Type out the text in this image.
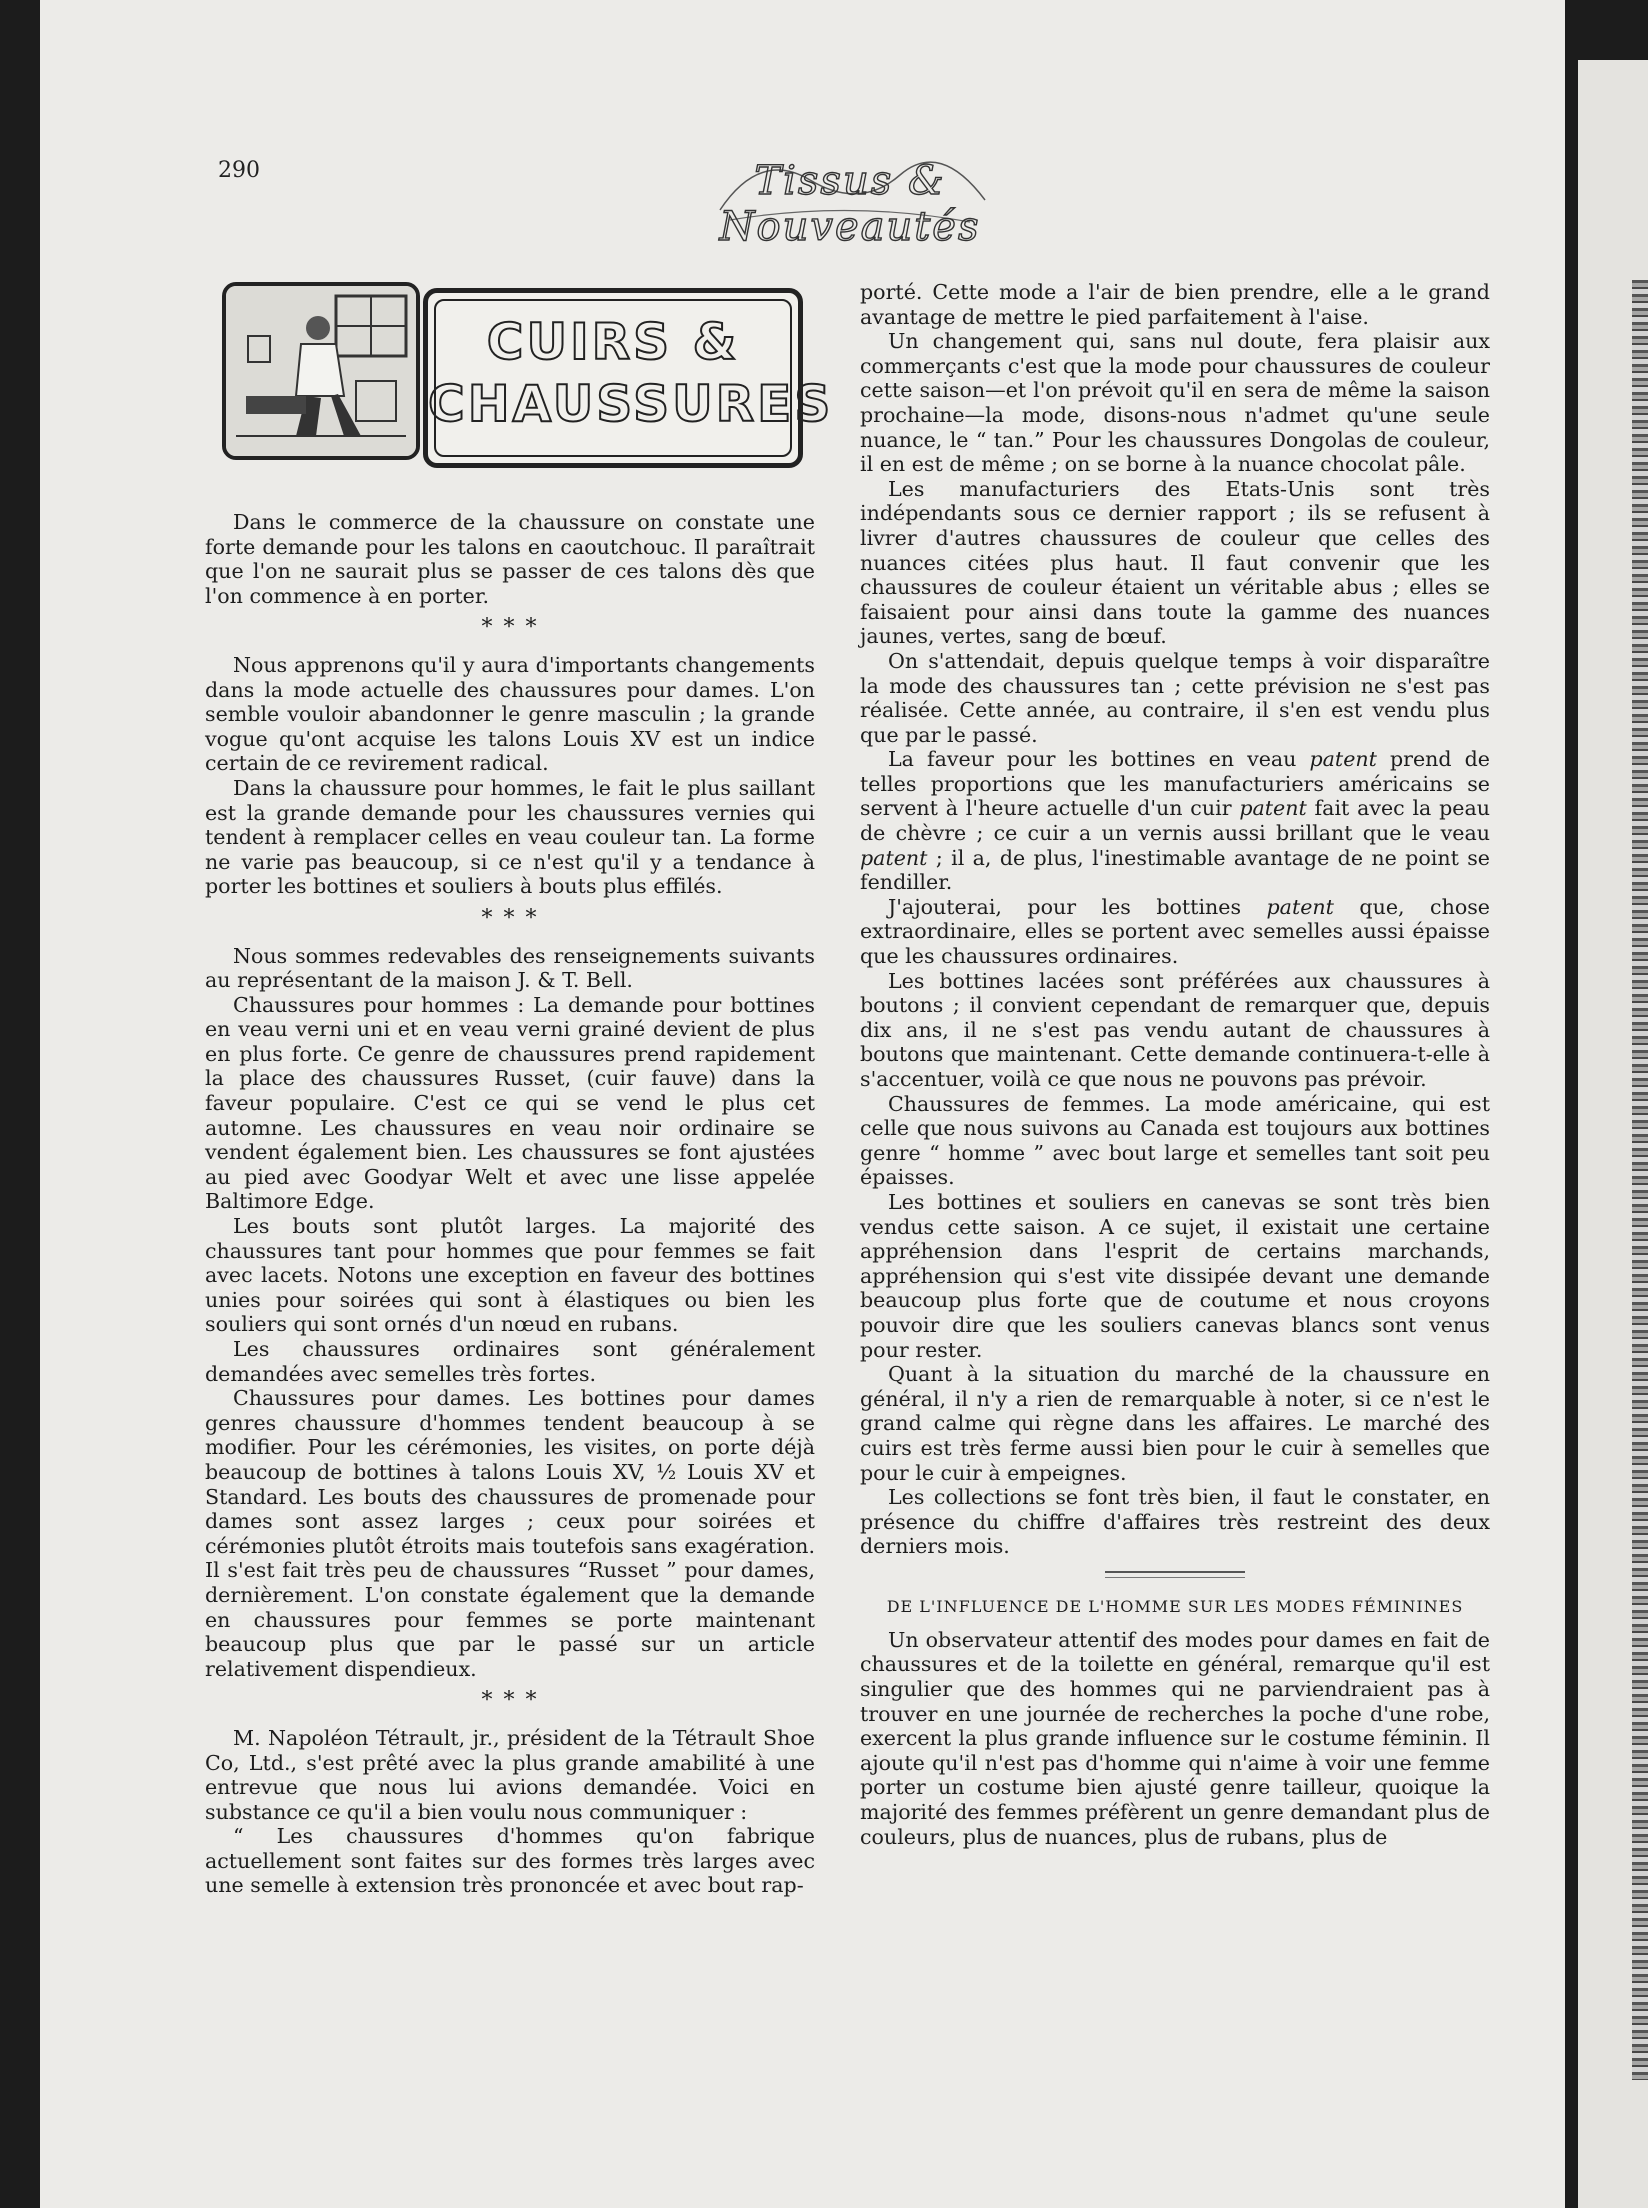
290	Tissus & Nouveautés
CUIRS &
CHAUSSURES

Dans le commerce de la chaussure on constate une forte demande pour les talons en caoutchouc. Il paraîtrait que l'on ne saurait plus se passer de ces talons dès que l'on commence à en porter.

* * *

Nous apprenons qu'il y aura d'importants changements dans la mode actuelle des chaussures pour dames. L'on semble vouloir abandonner le genre masculin ; la grande vogue qu'ont acquise les talons Louis XV est un indice certain de ce revirement radical.

Dans la chaussure pour hommes, le fait le plus saillant est la grande demande pour les chaussures vernies qui tendent à remplacer celles en veau couleur tan. La forme ne varie pas beaucoup, si ce n'est qu'il y a tendance à porter les bottines et souliers à bouts plus effilés.

* * *

Nous sommes redevables des renseignements suivants au représentant de la maison J. & T. Bell.

Chaussures pour hommes : La demande pour bottines en veau verni uni et en veau verni grainé devient de plus en plus forte. Ce genre de chaussures prend rapidement la place des chaussures Russet, (cuir fauve) dans la faveur populaire. C'est ce qui se vend le plus cet automne. Les chaussures en veau noir ordinaire se vendent également bien. Les chaussures se font ajustées au pied avec Goodyar Welt et avec une lisse appelée Baltimore Edge.

Les bouts sont plutôt larges. La majorité des chaussures tant pour hommes que pour femmes se fait avec lacets. Notons une exception en faveur des bottines unies pour soirées qui sont à élastiques ou bien les souliers qui sont ornés d'un nœud en rubans.

Les chaussures ordinaires sont généralement demandées avec semelles très fortes.

Chaussures pour dames. Les bottines pour dames genres chaussure d'hommes tendent beaucoup à se modifier. Pour les cérémonies, les visites, on porte déjà beaucoup de bottines à talons Louis XV, ½ Louis XV et Standard. Les bouts des chaussures de promenade pour dames sont assez larges ; ceux pour soirées et cérémonies plutôt étroits mais toutefois sans exagération. Il s'est fait très peu de chaussures “Russet ” pour dames, dernièrement. L'on constate également que la demande en chaussures pour femmes se porte maintenant beaucoup plus que par le passé sur un article relativement dispendieux.

* * *

M. Napoléon Tétrault, jr., président de la Tétrault Shoe Co, Ltd., s'est prêté avec la plus grande amabilité à une entrevue que nous lui avions demandée. Voici en substance ce qu'il a bien voulu nous communiquer :

“ Les chaussures d'hommes qu'on fabrique actuellement sont faites sur des formes très larges avec une semelle à extension très prononcée et avec bout rap-

porté. Cette mode a l'air de bien prendre, elle a le grand avantage de mettre le pied parfaitement à l'aise.

Un changement qui, sans nul doute, fera plaisir aux commerçants c'est que la mode pour chaussures de couleur cette saison—et l'on prévoit qu'il en sera de même la saison prochaine—la mode, disons-nous n'admet qu'une seule nuance, le “ tan.” Pour les chaussures Dongolas de couleur, il en est de même ; on se borne à la nuance chocolat pâle.

Les manufacturiers des Etats-Unis sont très indépendants sous ce dernier rapport ; ils se refusent à livrer d'autres chaussures de couleur que celles des nuances citées plus haut. Il faut convenir que les chaussures de couleur étaient un véritable abus ; elles se faisaient pour ainsi dans toute la gamme des nuances jaunes, vertes, sang de bœuf.

On s'attendait, depuis quelque temps à voir disparaître la mode des chaussures tan ; cette prévision ne s'est pas réalisée. Cette année, au contraire, il s'en est vendu plus que par le passé.

La faveur pour les bottines en veau patent prend de telles proportions que les manufacturiers américains se servent à l'heure actuelle d'un cuir patent fait avec la peau de chèvre ; ce cuir a un vernis aussi brillant que le veau patent ; il a, de plus, l'inestimable avantage de ne point se fendiller.

J'ajouterai, pour les bottines patent que, chose extraordinaire, elles se portent avec semelles aussi épaisse que les chaussures ordinaires.

Les bottines lacées sont préférées aux chaussures à boutons ; il convient cependant de remarquer que, depuis dix ans, il ne s'est pas vendu autant de chaussures à boutons que maintenant. Cette demande continuera-t-elle à s'accentuer, voilà ce que nous ne pouvons pas prévoir.

Chaussures de femmes. La mode américaine, qui est celle que nous suivons au Canada est toujours aux bottines genre “ homme ” avec bout large et semelles tant soit peu épaisses.

Les bottines et souliers en canevas se sont très bien vendus cette saison. A ce sujet, il existait une certaine appréhension dans l'esprit de certains marchands, appréhension qui s'est vite dissipée devant une demande beaucoup plus forte que de coutume et nous croyons pouvoir dire que les souliers canevas blancs sont venus pour rester.

Quant à la situation du marché de la chaussure en général, il n'y a rien de remarquable à noter, si ce n'est le grand calme qui règne dans les affaires. Le marché des cuirs est très ferme aussi bien pour le cuir à semelles que pour le cuir à empeignes.

Les collections se font très bien, il faut le constater, en présence du chiffre d'affaires très restreint des deux derniers mois.

DE L'INFLUENCE DE L'HOMME SUR LES MODES FÉMININES

Un observateur attentif des modes pour dames en fait de chaussures et de la toilette en général, remarque qu'il est singulier que des hommes qui ne parviendraient pas à trouver en une journée de recherches la poche d'une robe, exercent la plus grande influence sur le costume féminin. Il ajoute qu'il n'est pas d'homme qui n'aime à voir une femme porter un costume bien ajusté genre tailleur, quoique la majorité des femmes préfèrent un genre demandant plus de couleurs, plus de nuances, plus de rubans, plus de
